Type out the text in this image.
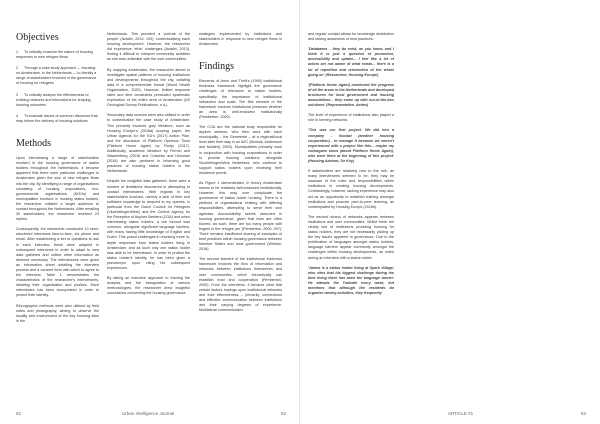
Objectives
1 To critically examine the nature of housing responses to new refugee flows
2 Through a case study approach — focusing on Amsterdam, in the Netherlands — to identify a range of stakeholders involved in the governance of housing for refugees
3 To critically analyse the effectiveness of existing networks and interactions for shaping housing outcomes
4 To evaluate issues of common discourse that may inform the delivery of housing solutions
Methods

Upon interviewing a range of stakeholders involved in the housing governance of status holders throughout the Netherlands, it became apparent that there were particular challenges in Amsterdam given the size of new refugee flows into the city. By identifying a range of organisations consisting of housing corporations, non-governmental organisations (NGOs) and municipalities involved in housing status holders, the researcher collated a target audience to contact throughout the Netherlands. After emailing 30 stakeholders, the researcher received 23 replies.

Consequently, the researcher conducted 14 semi-structured interviews face-to-face, via phone and email. After establishing a set of questions to ask in each interview, these were adapted in subsequent interviews in order to adapt to new data gathered and collect other information as deemed necessary. The interviewees were given an information sheet detailing the interview process and a consent form with which to agree to the interview. Table 1 demonstrates the characteristics of the researcher's interviewees, detailing their organisation and position. Each interviewee has been anonymised in order to protect their identity.

Ethnographic methods were also utilised by field notes and photography, aiming to observe the locality and environment of the key housing sites in the

Netherlands. This provided a 'portrait of the people' (Aztalin, 2013: 120), contextualising each housing development. However, the researcher did experience 'ethic' challenges (Aztalin, 2013), finding it difficult to interpret community activities as she was unfamiliar with the user communities.

By mapping Amsterdam, the researcher aimed to investigate spatial patterns of housing institutions and developments throughout the city, collating data in a comprehensible format (World Health Organisation, 2020). However, limited response rates and time constraints precluded systematic exploration of the entire area of Amsterdam (US Geological Survey Publications, n.d.).

Secondary data sources were also utilised in order to contextualise the case study of Amsterdam. This primarily involved grey literature, such as Housing Europe's (2016a) scoping paper, the Urban Agenda for the EU's (2017) Action Plan, and the discussion of Platform Opnieuw Thuis (Platform Home Again) by Florijn (2017). Additionally, academic literature by Fermin and Wassenberg (2019) and Czischke and Huisman (2018) are also pertinent in informing good practices of housing status holders in the Netherlands.

Despite the insightful data gathered, there were a number of limitations discovered in attempting to contact interviewees. With regards to key stakeholders involved, namely a lack of time and sufficient knowledge to respond to my queries, in particular from the Dutch Council for Refugees (VluchtelingenWerk) and the Central Agency for the Reception of Asylum Seekers (COA) and when interviewing status holders, a low turnout was common, alongside significant language barriers, with many having little knowledge of English and Dutch. This posed challenges in receiving more in-depth responses from status holders living in Amsterdam, and as such only one status holder was able to be interviewed. In order to protect the status holder's identity, he has been given a pseudonym upon citing his subsequent experiences.

By taking an inductive approach to framing the analysis and the triangulation of various methodologies, the researcher drew insightful conclusions concerning the housing governance

strategies implemented by institutions and stakeholders in response to new refugee flows in Amsterdam.

Findings

Elements of Amin and Thrift's (1995) institutional thickness framework highlight the governance challenges of relevance to status holders, specifically the importance of institutional interaction and scale. The first element of the framework involves institutional presence whether an area is well-endowed institutionally (Pemberton, 2000).

The COA are the national body responsible for asylum seekers, who then work with each municipality – the Gemeente – at a regional/local level after their stay in an AZC (Bolhuis, Andersson and Mulderij, 2003). Municipalities primarily work in conjunction with housing corporations in order to provide housing solutions, alongside VluchtelingenWerk Nederland, who continue to support status holders upon receiving their residence permit.

As Figure 1 demonstrates, in theory Amsterdam seems to be relatively well-endowed institutionally. However, this may over complicate the governance of status holder housing. There is a plethora of organisations existing with differing responsibilities, attempting to serve their own agendas. Accountability seems obscured in housing governance, given that lines are often blurred. As such, there are too many people with fingers in the refugee pie' (Pemberton, 2000: 297). There remains insufficient sharing of examples of best practices within housing governance between Member States and local government (Whelan, 2018).

The second element of the institutional thickness framework involves the flow of information and networks between institutions themselves and user communities, which theoretically can establish trust and cooperation (Pemberton, 2000). From the interviews, it became clear that certain factors impinge upon institutional networks and their effectiveness – primarily, connections and effective communication between institutions and their varying degrees of experience. Multilateral communication

52	Urban Intelligence Journal	52

and regular contact allows for knowledge distribution and raising awareness of best practices:

'Databases – they do exist, as you know, and I think it is just a question of promotion, accessibility and uptake... I feel like a lot of actors are not aware of what exists... there is a lot of repetition and reinvention of the wheel going on' (Researcher, Housing Europe)

'[Platform Home Again] monitored the progress of all the areas in the Netherlands and developed brochures for local government and housing associations... they came up with out-of-the-box solutions' (Representative, Aedes)

The level of experience of institutions also played a role in forming networks:

'This was our first project. We did hire a company - Sociaal (another housing corporation) - to manage it because we weren't experienced with a project like this... maybe my colleagues knew (about Platform Home Again), who were there at the beginning of this project' (Housing Advisor, De Key)

If stakeholders are relatively new to the role, as many interviewees seemed to be, they may be unaware of the roles and responsibilities within institutions in creating housing developments. Contrastingly, however, lacking experience may also act as an opportunity to establish training amongst institutions and promote peer-to-peer learning, as contemplated by Housing Europe (2016b).

The second strand of networks appears between institutions and user communities. Whilst there are clearly lots of institutions providing housing for status holders, they are not necessarily picking up the key issues apparent in governance. Due to the proliferation of languages amongst status holders, language barriers appear commonly amongst the challenges within housing developments, as noted during an interview with a status holder.

'James is a status holder living at Spark Village, who cites that his biggest challenge during his time living there has been the language barrier. He attends the Taalcafe every week, but mentions that although the residents do organise weekly activities, they frequently

ARTICLE #1	53
